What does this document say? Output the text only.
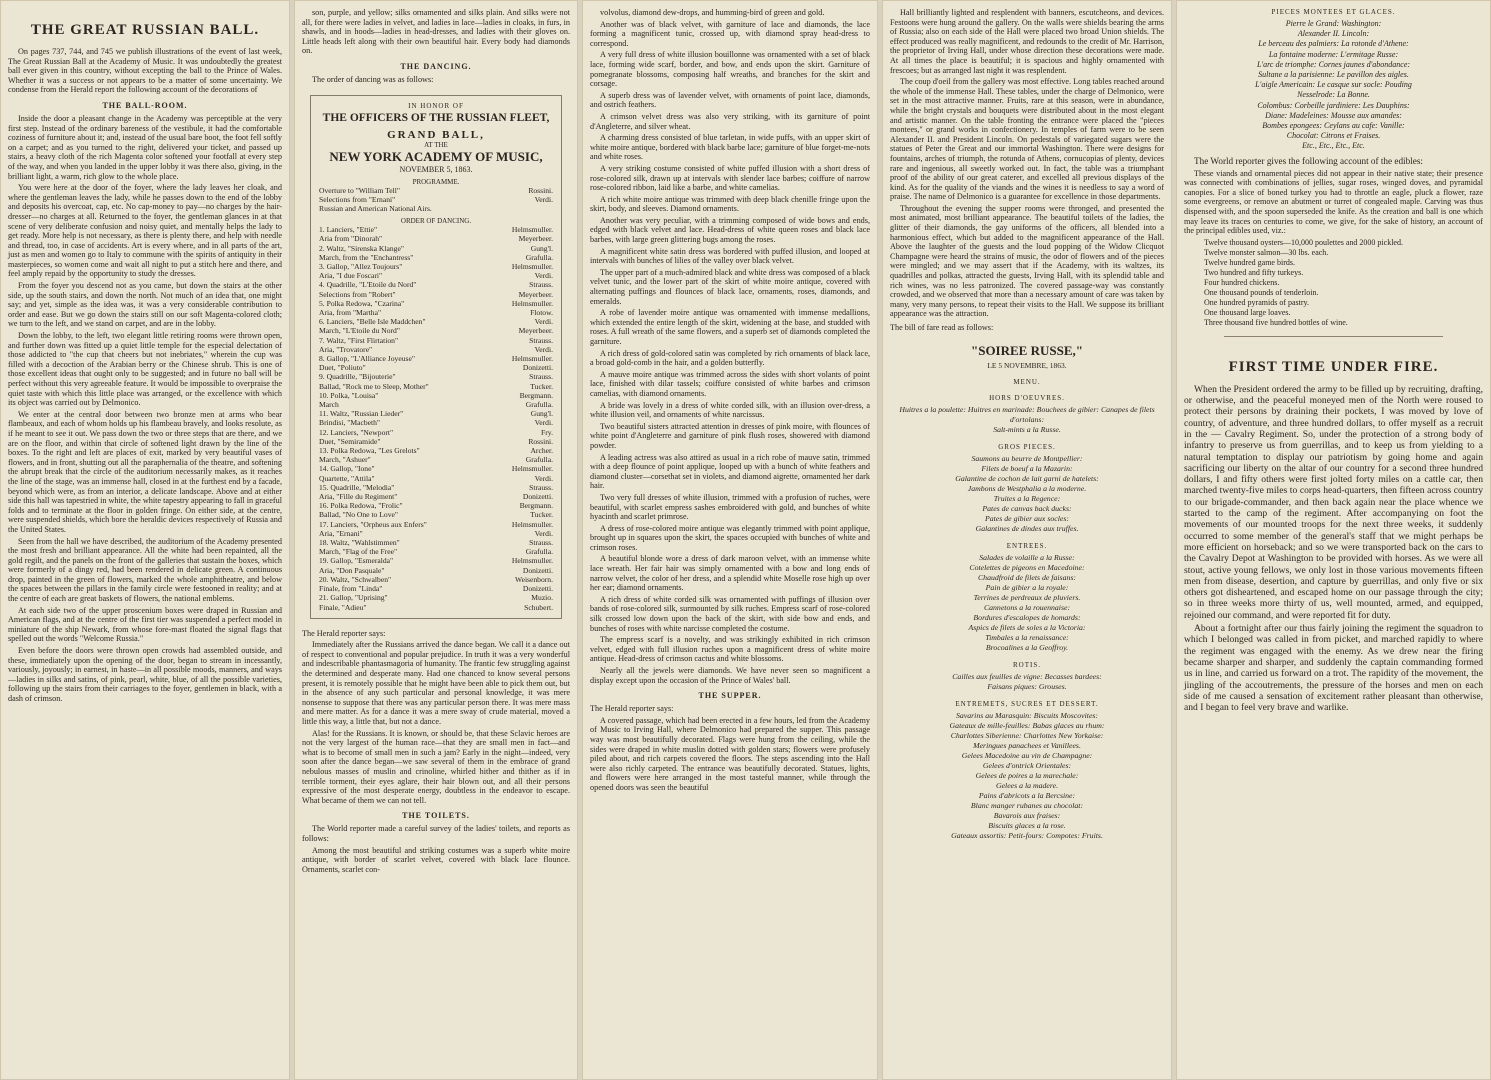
THE GREAT RUSSIAN BALL.

On pages 737, 744, and 745 we publish illustrations of the event of last week, The Great Russian Ball at the Academy of Music. It was undoubtedly the greatest ball ever given in this country, without excepting the ball to the Prince of Wales. Whether it was a success or not appears to be a matter of some uncertainty. We condense from the Herald report the following account of the decorations of

THE BALL-ROOM.

Inside the door a pleasant change in the Academy was perceptible at the very first step. Instead of the ordinary bareness of the vestibule, it had the comfortable coziness of furniture about it; and, instead of the usual bare boot, the foot fell softly on a carpet; and as you turned to the right, delivered your ticket, and passed up stairs, a heavy cloth of the rich Magenta color softened your footfall at every step of the way, and when you landed in the upper lobby it was there also, giving, in the brilliant light, a warm, rich glow to the whole place.

You were here at the door of the foyer, where the lady leaves her cloak, and where the gentleman leaves the lady, while he passes down to the end of the lobby and deposits his overcoat, cap, etc. No cap-money to pay—no charges by the hair-dresser—no charges at all. Returned to the foyer, the gentleman glances in at that scene of very deliberate confusion and noisy quiet, and mentally helps the lady to get ready. More help is not necessary, as there is plenty there, and help with needle and thread, too, in case of accidents. Art is every where, and in all parts of the art, just as men and women go to Italy to commune with the spirits of antiquity in their masterpieces, so women come and wait all night to put a stitch here and there, and feel amply repaid by the opportunity to study the dresses.

From the foyer you descend not as you came, but down the stairs at the other side, up the south stairs, and down the north. Not much of an idea that, one might say; and yet, simple as the idea was, it was a very considerable contribution to order and ease. But we go down the stairs still on our soft Magenta-colored cloth; we turn to the left, and we stand on carpet, and are in the lobby.

Down the lobby, to the left, two elegant little retiring rooms were thrown open, and further down was fitted up a quiet little temple for the especial delectation of those addicted to "the cup that cheers but not inebriates," wherein the cup was filled with a decoction of the Arabian berry or the Chinese shrub. This is one of those excellent ideas that ought only to be suggested; and in future no ball will be perfect without this very agreeable feature. It would be impossible to overpraise the quiet taste with which this little place was arranged, or the excellence with which its object was carried out by Delmonico.

We enter at the central door between two bronze men at arms who bear flambeaux, and each of whom holds up his flambeau bravely, and looks resolute, as if he meant to see it out. We pass down the two or three steps that are there, and we are on the floor, and within that circle of softened light drawn by the line of the boxes. To the right and left are places of exit, marked by very beautiful vases of flowers, and in front, shutting out all the paraphernalia of the theatre, and softening the abrupt break that the circle of the auditorium necessarily makes, as it reaches the line of the stage, was an immense hall, closed in at the furthest end by a facade, beyond which were, as from an interior, a delicate landscape. Above and at either side this hall was tapestried in white, the white tapestry appearing to fall in graceful folds and to terminate at the floor in golden fringe. On either side, at the centre, were suspended shields, which bore the heraldic devices respectively of Russia and the United States.

Seen from the hall we have described, the auditorium of the Academy presented the most fresh and brilliant appearance. All the white had been repainted, all the gold regilt, and the panels on the front of the galleries that sustain the boxes, which were formerly of a dingy red, had been rendered in delicate green. A continuous drop, painted in the green of flowers, marked the whole amphitheatre, and below the spaces between the pillars in the family circle were festooned in reality; and at the centre of each are great baskets of flowers, the national emblems.

At each side two of the upper proscenium boxes were draped in Russian and American flags, and at the centre of the first tier was suspended a perfect model in miniature of the ship Newark, from whose fore-mast floated the signal flags that spelled out the words "Welcome Russia."

Even before the doors were thrown open crowds had assembled outside, and these, immediately upon the opening of the door, began to stream in incessantly, variously, joyously; in earnest, in haste—in all possible moods, manners, and ways—ladies in silks and satins, of pink, pearl, white, blue, of all the possible varieties, following up the stairs from their carriages to the foyer, gentlemen in black, with a dash of crimson.

son, purple, and yellow; silks ornamented and silks plain. And silks were not all, for there were ladies in velvet, and ladies in lace—ladies in cloaks, in furs, in shawls, and in hoods—ladies in head-dresses, and ladies with their gloves on. Little heads left along with their own beautiful hair. Every body had diamonds on.

THE DANCING.

The order of dancing was as follows:

IN HONOR OF
THE OFFICERS OF THE RUSSIAN FLEET,
GRAND BALL,
AT THE
NEW YORK ACADEMY OF MUSIC,
NOVEMBER 5, 1863.
PROGRAMME.
Overture to "William Tell"	Rossini.
Selections from "Ernani"	Verdi.
Russian and American National Airs.
ORDER OF DANCING.
1. Lanciers, "Ettie"	Helmsmuller.
Aria from "Dinorah"	Meyerbeer.
2. Waltz, "Sirenska Klange"	Gung'l.
March, from the "Enchantress"	Grafulla.
3. Gallop, "Allez Toujours"	Helmsmuller.
Aria, "I due Foscari"	Verdi.
4. Quadrille, "L'Etoile du Nord"	Strauss.
Selections from "Robert"	Meyerbeer.
5. Polka Redowa, "Czarina"	Helmsmuller.
Aria, from "Martha"	Flotow.
6. Lanciers, "Belle Isle Maddchen"	Verdi.
March, "L'Etoile du Nord"	Meyerbeer.
7. Waltz, "First Flirtation"	Strauss.
Aria, "Trovatore"	Verdi.
8. Gallop, "L'Alliance Joyeuse"	Helmsmuller.
Duet, "Poliuto"	Donizetti.
9. Quadrille, "Bijouterie"	Strauss.
Ballad, "Rock me to Sleep, Mother"	Tucker.
10. Polka, "Louisa"	Bergmann.
March	Grafulla.
11. Waltz, "Russian Lieder"	Gung'l.
Brindisi, "Macbeth"	Verdi.
12. Lanciers, "Newport"	Fry.
Duet, "Semiramide"	Rossini.
13. Polka Redowa, "Les Grelots"	Archer.
March, "Ashuer"	Grafulla.
14. Gallop, "Ione"	Helmsmuller.
Quartette, "Attila"	Verdi.
15. Quadrille, "Melodia"	Strauss.
Aria, "Fille du Regiment"	Donizetti.
16. Polka Redowa, "Frolic"	Bergmann.
Ballad, "No One to Love"	Tucker.
17. Lanciers, "Orpheus aux Enfers"	Helmsmuller.
Aria, "Ernani"	Verdi.
18. Waltz, "Wahlstimmen"	Strauss.
March, "Flag of the Free"	Grafulla.
19. Gallop, "Esmeralda"	Helmsmuller.
Aria, "Don Pasquale"	Donizetti.
20. Waltz, "Schwalben"	Weisenborn.
Finale, from "Linda"	Donizetti.
21. Gallop, "Uprising"	Muzio.
Finale, "Adieu"	Schubert.

The Herald reporter says:

Immediately after the Russians arrived the dance began. We call it a dance out of respect to conventional and popular prejudice. In truth it was a very wonderful and indescribable phantasmagoria of humanity. The frantic few struggling against the determined and desperate many. Had one chanced to know several persons present, it is remotely possible that he might have been able to pick them out, but in the absence of any such particular and personal knowledge, it was mere nonsense to suppose that there was any particular person there. It was mere mass and mere matter. As for a dance it was a mere sway of crude material, moved a little this way, a little that, but not a dance.

Alas! for the Russians. It is known, or should be, that these Sclavic heroes are not the very largest of the human race—that they are small men in fact—and what is to become of small men in such a jam? Early in the night—indeed, very soon after the dance began—we saw several of them in the embrace of grand nebulous masses of muslin and crinoline, whirled hither and thither as if in terrible torment, their eyes aglare, their hair blown out, and all their persons expressive of the most desperate energy, doubtless in the endeavor to escape. What became of them we can not tell.

THE TOILETS.

The World reporter made a careful survey of the ladies' toilets, and reports as follows:

Among the most beautiful and striking costumes was a superb white moire antique, with border of scarlet velvet, covered with black lace flounce. Ornaments, scarlet con-

volvolus, diamond dew-drops, and humming-bird of green and gold.

Another was of black velvet, with garniture of lace and diamonds, the lace forming a magnificent tunic, crossed up, with diamond spray head-dress to correspond.

A very full dress of white illusion bouillonne was ornamented with a set of black lace, forming wide scarf, border, and bow, and ends upon the skirt. Garniture of pomegranate blossoms, composing half wreaths, and branches for the skirt and corsage.

A superb dress was of lavender velvet, with ornaments of point lace, diamonds, and ostrich feathers.

A crimson velvet dress was also very striking, with its garniture of point d'Angleterre, and silver wheat.

A charming dress consisted of blue tarletan, in wide puffs, with an upper skirt of white moire antique, bordered with black barbe lace; garniture of blue forget-me-nots and white roses.

A very striking costume consisted of white puffed illusion with a short dress of rose-colored silk, drawn up at intervals with slender lace barbes; coiffure of narrow rose-colored ribbon, laid like a barbe, and white camelias.

A rich white moire antique was trimmed with deep black chenille fringe upon the skirt, body, and sleeves. Diamond ornaments.

Another was very peculiar, with a trimming composed of wide bows and ends, edged with black velvet and lace. Head-dress of white queen roses and black lace barbes, with large green glittering bugs among the roses.

A magnificent white satin dress was bordered with puffed illusion, and looped at intervals with bunches of lilies of the valley over black velvet.

The upper part of a much-admired black and white dress was composed of a black velvet tunic, and the lower part of the skirt of white moire antique, covered with alternating puffings and flounces of black lace, ornaments, roses, diamonds, and emeralds.

A robe of lavender moire antique was ornamented with immense medallions, which extended the entire length of the skirt, widening at the base, and studded with roses. A full wreath of the same flowers, and a superb set of diamonds completed the garniture.

A rich dress of gold-colored satin was completed by rich ornaments of black lace, a broad gold-comb in the hair, and a golden butterfly.

A mauve moire antique was trimmed across the sides with short volants of point lace, finished with dilar tassels; coiffure consisted of white barbes and crimson camelias, with diamond ornaments.

A bride was lovely in a dress of white corded silk, with an illusion over-dress, a white illusion veil, and ornaments of white narcissus.

Two beautiful sisters attracted attention in dresses of pink moire, with flounces of white point d'Angleterre and garniture of pink flush roses, showered with diamond powder.

A leading actress was also attired as usual in a rich robe of mauve satin, trimmed with a deep flounce of point applique, looped up with a bunch of white feathers and diamond cluster—corsethat set in violets, and diamond aigrette, ornamented her dark hair.

Two very full dresses of white illusion, trimmed with a profusion of ruches, were beautiful, with scarlet empress sashes embroidered with gold, and bunches of white hyacinth and scarlet primrose.

A dress of rose-colored moire antique was elegantly trimmed with point applique, brought up in squares upon the skirt, the spaces occupied with bunches of white and crimson roses.

A beautiful blonde wore a dress of dark maroon velvet, with an immense white lace wreath. Her fair hair was simply ornamented with a bow and long ends of narrow velvet, the color of her dress, and a splendid white Moselle rose high up over her ear; diamond ornaments.

A rich dress of white corded silk was ornamented with puffings of illusion over bands of rose-colored silk, surmounted by silk ruches. Empress scarf of rose-colored silk crossed low down upon the back of the skirt, with side bow and ends, and bunches of roses with white narcisse completed the costume.

The empress scarf is a novelty, and was strikingly exhibited in rich crimson velvet, edged with full illusion ruches upon a magnificent dress of white moire antique. Head-dress of crimson cactus and white blossoms.

Nearly all the jewels were diamonds. We have never seen so magnificent a display except upon the occasion of the Prince of Wales' ball.

THE SUPPER.

The Herald reporter says:

A covered passage, which had been erected in a few hours, led from the Academy of Music to Irving Hall, where Delmonico had prepared the supper. This passage way was most beautifully decorated. Flags were hung from the ceiling, while the sides were draped in white muslin dotted with golden stars; flowers were profusely piled about, and rich carpets covered the floors. The steps ascending into the Hall were also richly carpeted. The entrance was beautifully decorated. Statues, lights, and flowers were here arranged in the most tasteful manner, while through the opened doors was seen the beautiful

Hall brilliantly lighted and resplendent with banners, escutcheons, and devices. Festoons were hung around the gallery. On the walls were shields bearing the arms of Russia; also on each side of the Hall were placed two broad Union shields. The effect produced was really magnificent, and redounds to the credit of Mr. Harrison, the proprietor of Irving Hall, under whose direction these decorations were made. At all times the place is beautiful; it is spacious and highly ornamented with frescoes; but as arranged last night it was resplendent.

The coup d'oeil from the gallery was most effective. Long tables reached around the whole of the immense Hall. These tables, under the charge of Delmonico, were set in the most attractive manner. Fruits, rare at this season, were in abundance, while the bright crystals and bouquets were distributed about in the most elegant and artistic manner. On the table fronting the entrance were placed the "pieces montees," or grand works in confectionery. In temples of farm were to be seen Alexander II. and President Lincoln. On pedestals of variegated sugars were the statues of Peter the Great and our immortal Washington. There were designs for fountains, arches of triumph, the rotunda of Athens, cornucopias of plenty, devices rare and ingenious, all sweetly worked out. In fact, the table was a triumphant proof of the ability of our great caterer, and excelled all previous displays of the kind. As for the quality of the viands and the wines it is needless to say a word of praise. The name of Delmonico is a guarantee for excellence in those departments.

Throughout the evening the supper rooms were thronged, and presented the most animated, most brilliant appearance. The beautiful toilets of the ladies, the glitter of their diamonds, the gay uniforms of the officers, all blended into a harmonious effect, which but added to the magnificent appearance of the Hall. Above the laughter of the guests and the loud popping of the Widow Clicquot Champagne were heard the strains of music, the odor of flowers and of the pieces were mingled; and we may assert that if the Academy, with its waltzes, its quadrilles and polkas, attracted the guests, Irving Hall, with its splendid table and rich wines, was no less patronized. The covered passage-way was constantly crowded, and we observed that more than a necessary amount of care was taken by many, very many persons, to repeat their visits to the Hall. We suppose its brilliant appearance was the attraction.

The bill of fare read as follows:

"SOIREE RUSSE,"
LE 5 NOVEMBRE, 1863.
MENU.
HORS D'OEUVRES.
Huitres a la poulette: Huitres en marinade: Bouchees de gibier: Canapes de filets d'ortolans:
Salt-mints a la Russe.
GROS PIECES.
Saumons au beurre de Montpellier:
Filets de boeuf a la Mazarin:
Galantine de cochon de lait garni de hatelets:
Jambons de Westphalia a la moderne.
Truites a la Regence:
Pates de canvas back ducks:
Pates de gibier aux socles:
Galantines de dindes aux truffes.
ENTREES.
Salades de volaille a la Russe:
Cotelettes de pigeons en Macedoine:
Chaudfroid de filets de faisans:
Pain de gibier a la royale:
Terrines de perdreaux de pluviers.
Cannetons a la rouennaise:
Bordures d'escalopes de homards:
Aspics de filets de soles a la Victoria:
Timbales a la renaissance:
Brocoalines a la Geoffroy.
ROTIS.
Cailles aux feuilles de vigne: Becasses bardees:
Faisans piques: Grouses.
ENTREMETS, SUCRES ET DESSERT.
Savarins au Marasquin: Biscuits Moscovites:
Gateaux de mille-feuilles: Babas glaces au rhum:
Charlottes Siberienne: Charlottes New Yorkaise:
Meringues panachees et Vanillees.
Gelees Macedoine au vin de Champagne:
Gelees d'ontrick Orientales:
Gelees de poires a la marechale:
Gelees a la madere.
Pains d'abricots a la Bercsine:
Blanc manger rubanes au chocolat:
Bavarois aux fraises:
Biscuits glaces a la rose.
Gateaux assortis: Petit-fours: Compotes: Fruits.
PIECES MONTEES ET GLACES.
Pierre le Grand: Washington:
Alexander II. Lincoln:
Le berceau des palmiers: La rotonde d'Athene:
La fontaine moderne: L'ermitage Russe:
L'arc de triomphe: Cornes jaunes d'abondance:
Sultane a la parisienne: Le pavillon des aigles.
L'aigle Americain: Le casque sur socle: Pouding
Nesselrode: La Bonne.
Colombus: Corbeille jardiniere: Les Dauphins:
Diane: Madeleines: Mousse aux amandes:
Bombes epongees: Ceylans au cafe: Vanille:
Chocolat: Citrons et Fraises.
Etc., Etc., Etc., Etc.

The World reporter gives the following account of the edibles:

These viands and ornamental pieces did not appear in their native state; their presence was connected with combinations of jellies, sugar roses, winged doves, and pyramidal canopies. For a slice of boned turkey you had to throttle an eagle, pluck a flower, raze some evergreens, or remove an abutment or turret of congealed maple. Carving was thus dispensed with, and the spoon superseded the knife. As the creation and ball is one which may leave its traces on centuries to come, we give, for the sake of history, an account of the principal edibles used, viz.:

Twelve thousand oysters—10,000 poulettes and 2000 pickled.
Twelve monster salmon—30 lbs. each.
Twelve hundred game birds.
Two hundred and fifty turkeys.
Four hundred chickens.
One thousand pounds of tenderloin.
One hundred pyramids of pastry.
One thousand large loaves.
Three thousand five hundred bottles of wine.
FIRST TIME UNDER FIRE.

When the President ordered the army to be filled up by recruiting, drafting, or otherwise, and the peaceful moneyed men of the North were roused to protect their persons by draining their pockets, I was moved by love of country, of adventure, and three hundred dollars, to offer myself as a recruit in the — Cavalry Regiment. So, under the protection of a strong body of infantry to preserve us from guerrillas, and to keep us from yielding to a natural temptation to display our patriotism by going home and again sacrificing our liberty on the altar of our country for a second three hundred dollars, I and fifty others were first jolted forty miles on a cattle car, then marched twenty-five miles to corps head-quarters, then fifteen across country to our brigade-commander, and then back again near the place whence we started to the camp of the regiment. After accompanying on foot the movements of our mounted troops for the next three weeks, it suddenly occurred to some member of the general's staff that we might perhaps be more efficient on horseback; and so we were transported back on the cars to the Cavalry Depot at Washington to be provided with horses. As we were all stout, active young fellows, we only lost in those various movements fifteen men from disease, desertion, and capture by guerrillas, and only five or six others got disheartened, and escaped home on our passage through the city; so in three weeks more thirty of us, well mounted, armed, and equipped, rejoined our command, and were reported fit for duty.

About a fortnight after our thus fairly joining the regiment the squadron to which I belonged was called in from picket, and marched rapidly to where the regiment was engaged with the enemy. As we drew near the firing became sharper and sharper, and suddenly the captain commanding formed us in line, and carried us forward on a trot. The rapidity of the movement, the jingling of the accoutrements, the pressure of the horses and men on each side of me caused a sensation of excitement rather pleasant than otherwise, and I began to feel very brave and warlike.
